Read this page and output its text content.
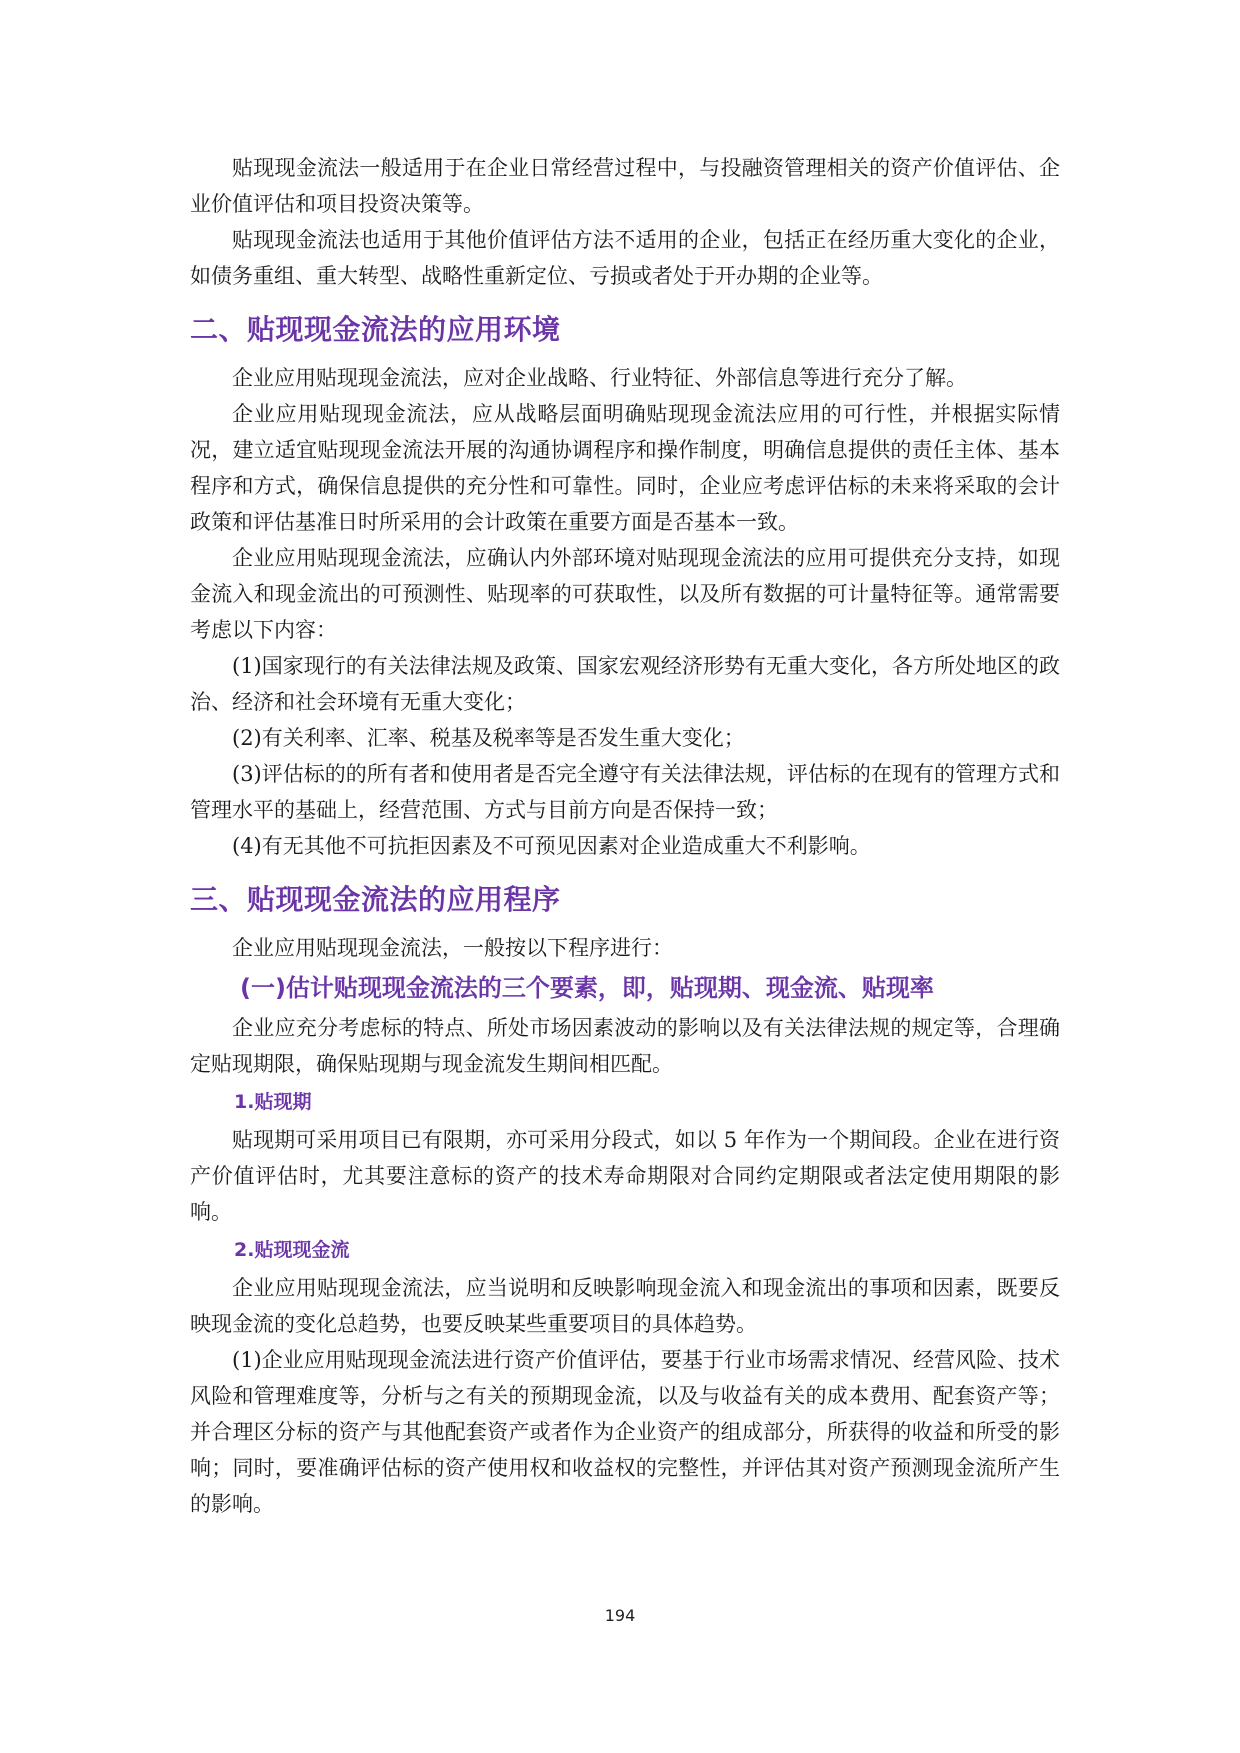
贴现现金流法一般适用于在企业日常经营过程中，与投融资管理相关的资产价值评估、企业价值评估和项目投资决策等。

贴现现金流法也适用于其他价值评估方法不适用的企业，包括正在经历重大变化的企业，如债务重组、重大转型、战略性重新定位、亏损或者处于开办期的企业等。

二、贴现现金流法的应用环境

企业应用贴现现金流法，应对企业战略、行业特征、外部信息等进行充分了解。

企业应用贴现现金流法，应从战略层面明确贴现现金流法应用的可行性，并根据实际情况，建立适宜贴现现金流法开展的沟通协调程序和操作制度，明确信息提供的责任主体、基本程序和方式，确保信息提供的充分性和可靠性。同时，企业应考虑评估标的未来将采取的会计政策和评估基准日时所采用的会计政策在重要方面是否基本一致。

企业应用贴现现金流法，应确认内外部环境对贴现现金流法的应用可提供充分支持，如现金流入和现金流出的可预测性、贴现率的可获取性，以及所有数据的可计量特征等。通常需要考虑以下内容：

(1)国家现行的有关法律法规及政策、国家宏观经济形势有无重大变化，各方所处地区的政治、经济和社会环境有无重大变化；

(2)有关利率、汇率、税基及税率等是否发生重大变化；

(3)评估标的的所有者和使用者是否完全遵守有关法律法规，评估标的在现有的管理方式和管理水平的基础上，经营范围、方式与目前方向是否保持一致；

(4)有无其他不可抗拒因素及不可预见因素对企业造成重大不利影响。

三、贴现现金流法的应用程序

企业应用贴现现金流法，一般按以下程序进行：

(一)估计贴现现金流法的三个要素，即，贴现期、现金流、贴现率

企业应充分考虑标的特点、所处市场因素波动的影响以及有关法律法规的规定等，合理确定贴现期限，确保贴现期与现金流发生期间相匹配。

1.贴现期

贴现期可采用项目已有限期，亦可采用分段式，如以 5 年作为一个期间段。企业在进行资产价值评估时，尤其要注意标的资产的技术寿命期限对合同约定期限或者法定使用期限的影响。

2.贴现现金流

企业应用贴现现金流法，应当说明和反映影响现金流入和现金流出的事项和因素，既要反映现金流的变化总趋势，也要反映某些重要项目的具体趋势。

(1)企业应用贴现现金流法进行资产价值评估，要基于行业市场需求情况、经营风险、技术风险和管理难度等，分析与之有关的预期现金流，以及与收益有关的成本费用、配套资产等；并合理区分标的资产与其他配套资产或者作为企业资产的组成部分，所获得的收益和所受的影响；同时，要准确评估标的资产使用权和收益权的完整性，并评估其对资产预测现金流所产生的影响。

194
